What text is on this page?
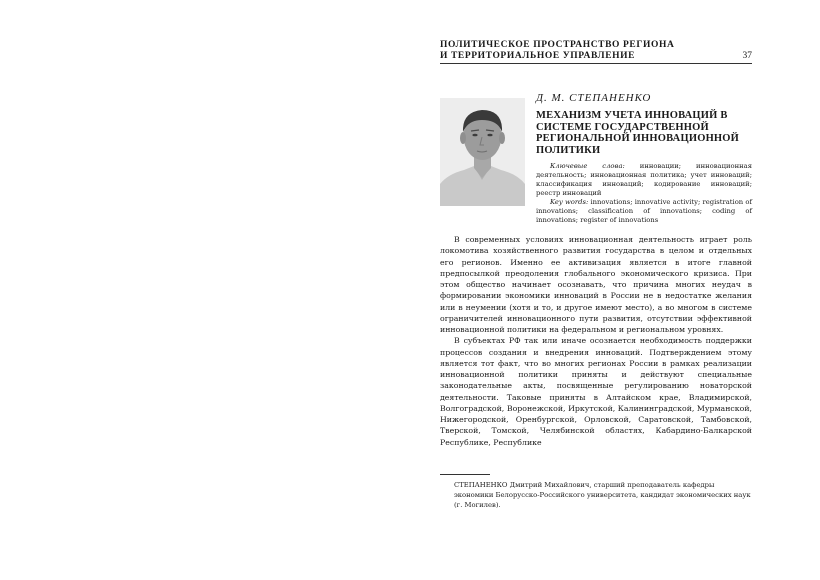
ПОЛИТИЧЕСКОЕ ПРОСТРАНСТВО РЕГИОНА
И ТЕРРИТОРИАЛЬНОЕ УПРАВЛЕНИЕ	37
Д. М. СТЕПАНЕНКО
МЕХАНИЗМ УЧЕТА ИННОВАЦИЙ В СИСТЕМЕ ГОСУДАРСТВЕННОЙ РЕГИОНАЛЬНОЙ ИННОВАЦИОННОЙ ПОЛИТИКИ
Ключевые слова: инновации; инновационная деятельность; инновационная политика; учет инноваций; классификация инноваций; кодирование инноваций; реестр инноваций
Key words: innovations; innovative activity; registration of innovations; classification of innovations; coding of innovations; register of innovations

В современных условиях инновационная деятельность играет роль локомотива хозяйственного развития государства в целом и отдельных его регионов. Именно ее активизация является в итоге главной предпосылкой преодоления глобального экономического кризиса. При этом общество начинает осознавать, что причина многих неудач в формировании экономики инноваций в России не в недостатке желания или в неумении (хотя и то, и другое имеют место), а во многом в системе ограничителей инновационного пути развития, отсутствии эффективной инновационной политики на федеральном и региональном уровнях.

В субъектах РФ так или иначе осознается необходимость поддержки процессов создания и внедрения инноваций. Подтверждением этому является тот факт, что во многих регионах России в рамках реализации инновационной политики приняты и действуют специальные законодательные акты, посвященные регулированию новаторской деятельности. Таковые приняты в Алтайском крае, Владимирской, Волгоградской, Воронежской, Иркутской, Калининградской, Мурманской, Нижегородской, Оренбургской, Орловской, Саратовской, Тамбовской, Тверской, Томской, Челябинской областях, Кабардино-Балкарской Республике, Республике

СТЕПАНЕНКО Дмитрий Михайлович, старший преподаватель кафедры экономики Белорусско-Российского университета, кандидат экономических наук (г. Могилев).
